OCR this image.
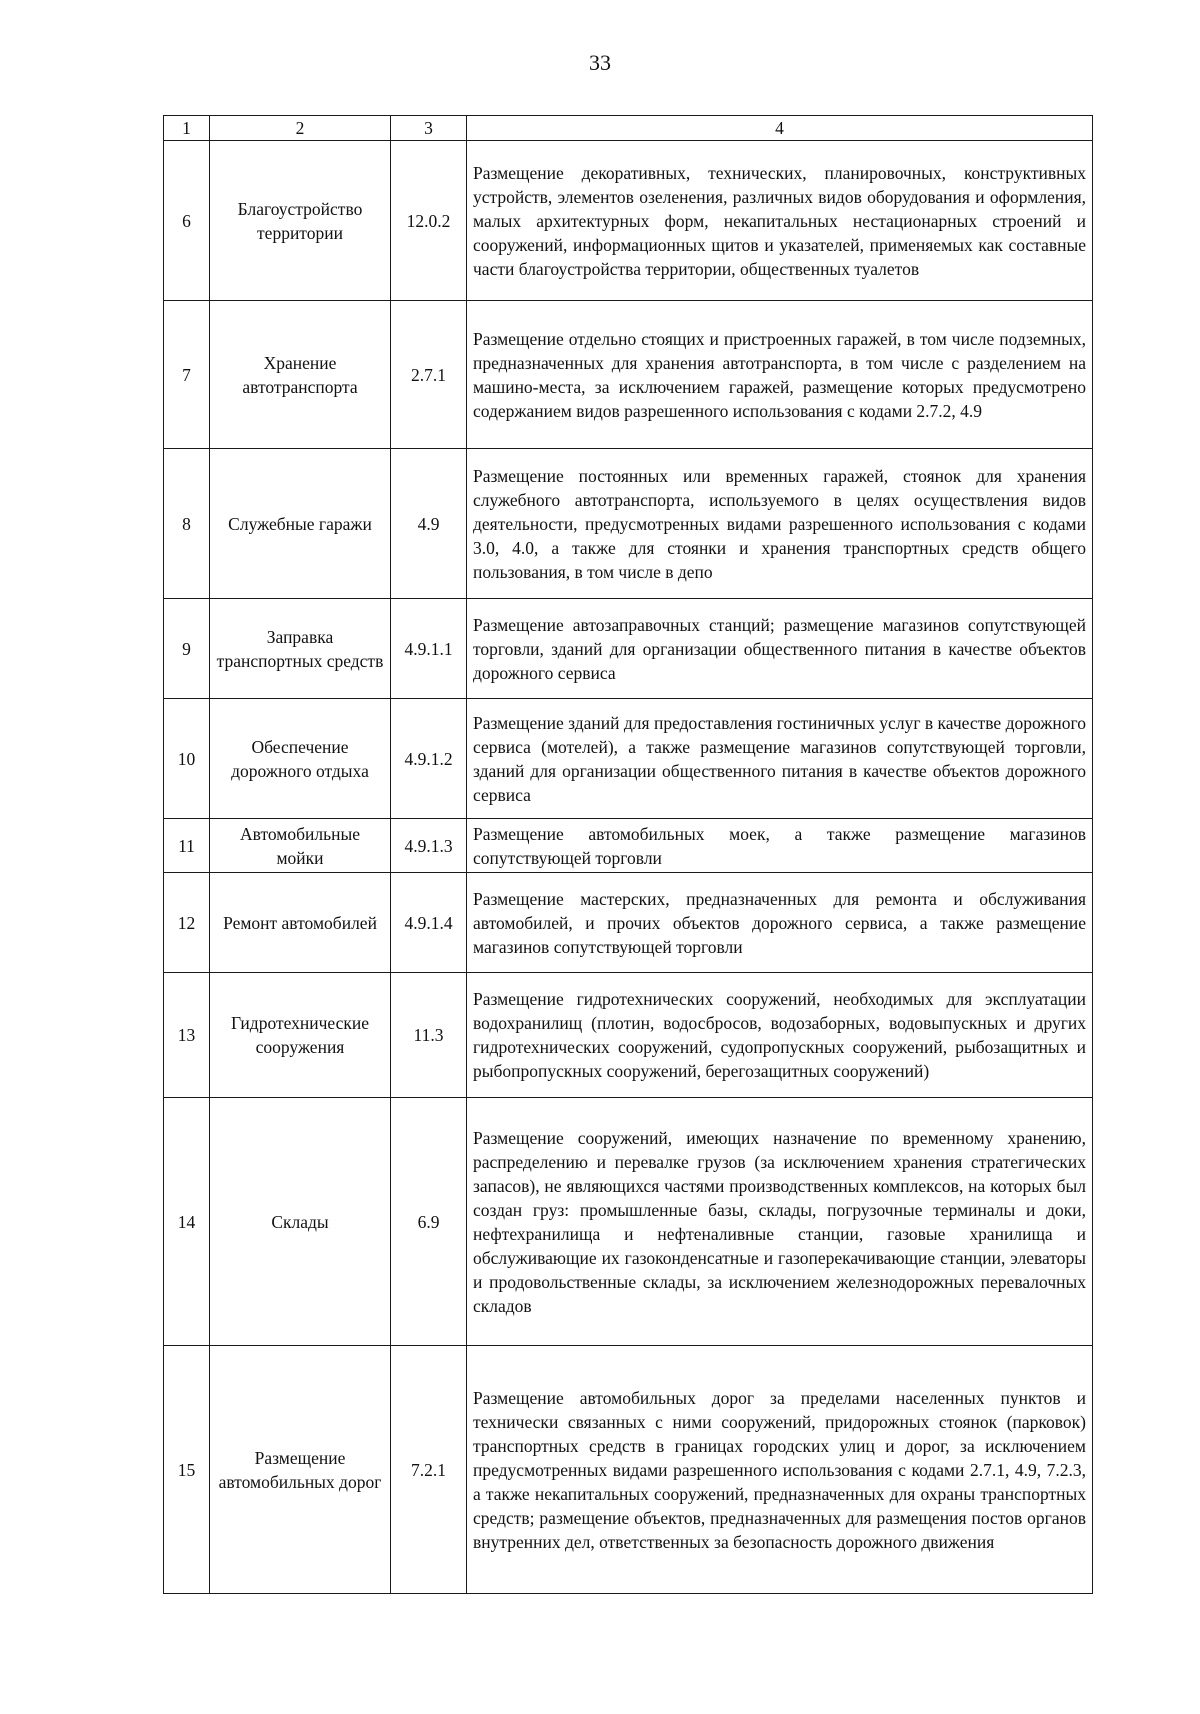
33
1	2	3	4
6	Благоустройство территории	12.0.2	Размещение декоративных, технических, планировочных, конструктивных устройств, элементов озеленения, различных видов оборудования и оформления, малых архитектурных форм, некапитальных нестационарных строений и сооружений, информационных щитов и указателей, применяемых как составные части благоустройства территории, общественных туалетов
7	Хранение автотранспорта	2.7.1	Размещение отдельно стоящих и пристроенных гаражей, в том числе подземных, предназначенных для хранения автотранспорта, в том числе с разделением на машино-места, за исключением гаражей, размещение которых предусмотрено содержанием видов разрешенного использования с кодами 2.7.2, 4.9
8	Служебные гаражи	4.9	Размещение постоянных или временных гаражей, стоянок для хранения служебного автотранспорта, используемого в целях осуществления видов деятельности, предусмотренных видами разрешенного использования с кодами 3.0, 4.0, а также для стоянки и хранения транспортных средств общего пользования, в том числе в депо
9	Заправка транспортных средств	4.9.1.1	Размещение автозаправочных станций; размещение магазинов сопутствующей торговли, зданий для организации общественного питания в качестве объектов дорожного сервиса
10	Обеспечение дорожного отдыха	4.9.1.2	Размещение зданий для предоставления гостиничных услуг в качестве дорожного сервиса (мотелей), а также размещение магазинов сопутствующей торговли, зданий для организации общественного питания в качестве объектов дорожного сервиса
11	Автомобильные мойки	4.9.1.3	Размещение автомобильных моек, а также размещение магазинов сопутствующей торговли
12	Ремонт автомобилей	4.9.1.4	Размещение мастерских, предназначенных для ремонта и обслуживания автомобилей, и прочих объектов дорожного сервиса, а также размещение магазинов сопутствующей торговли
13	Гидротехнические сооружения	11.3	Размещение гидротехнических сооружений, необходимых для эксплуатации водохранилищ (плотин, водосбросов, водозаборных, водовыпускных и других гидротехнических сооружений, судопропускных сооружений, рыбозащитных и рыбопропускных сооружений, берегозащитных сооружений)
14	Склады	6.9	Размещение сооружений, имеющих назначение по временному хранению, распределению и перевалке грузов (за исключением хранения стратегических запасов), не являющихся частями производственных комплексов, на которых был создан груз: промышленные базы, склады, погрузочные терминалы и доки, нефтехранилища и нефтеналивные станции, газовые хранилища и обслуживающие их газоконденсатные и газоперекачивающие станции, элеваторы и продовольственные склады, за исключением железнодорожных перевалочных складов
15	Размещение автомобильных дорог	7.2.1	Размещение автомобильных дорог за пределами населенных пунктов и технически связанных с ними сооружений, придорожных стоянок (парковок) транспортных средств в границах городских улиц и дорог, за исключением предусмотренных видами разрешенного использования с кодами 2.7.1, 4.9, 7.2.3, а также некапитальных сооружений, предназначенных для охраны транспортных средств; размещение объектов, предназначенных для размещения постов органов внутренних дел, ответственных за безопасность дорожного движения
